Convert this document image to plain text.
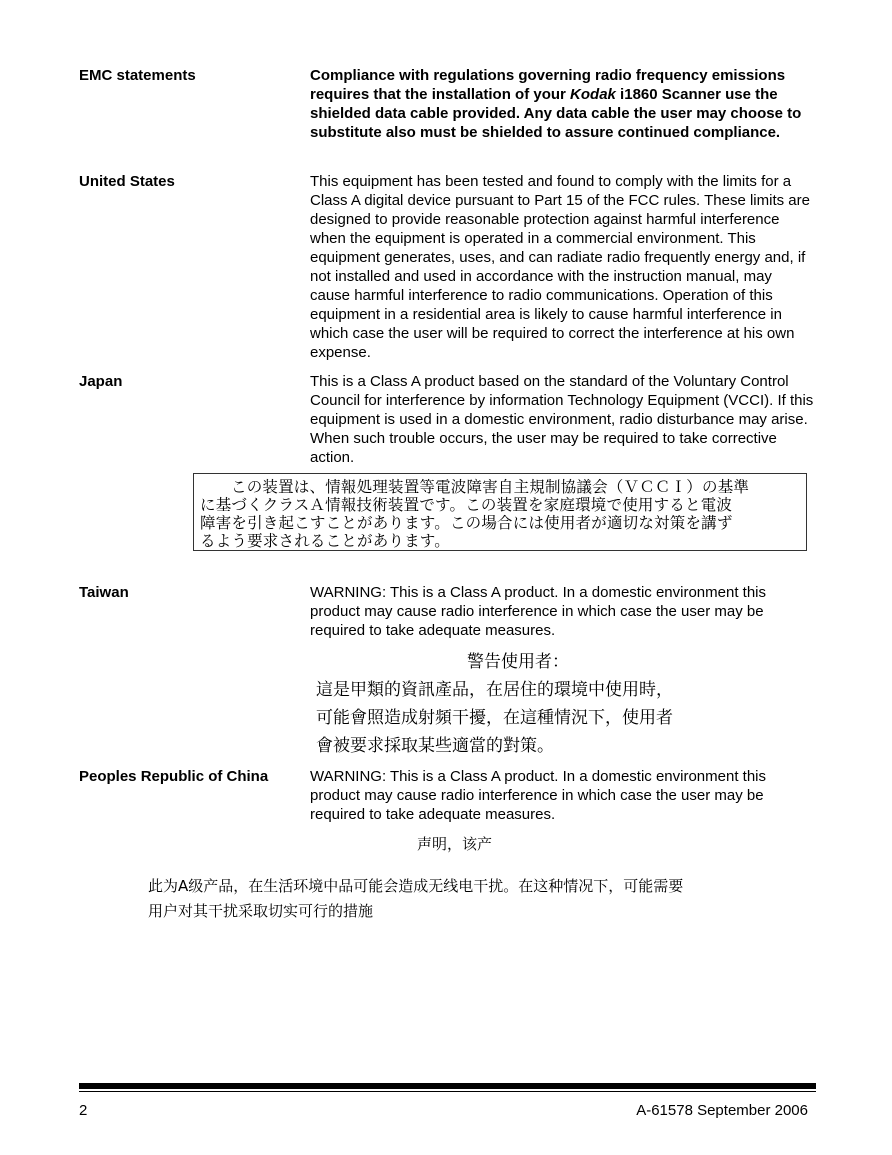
EMC statements	Compliance with regulations governing radio frequency emissions requires that the installation of your Kodak i1860 Scanner use the shielded data cable provided. Any data cable the user may choose to substitute also must be shielded to assure continued compliance.
United States	This equipment has been tested and found to comply with the limits for a Class A digital device pursuant to Part 15 of the FCC rules. These limits are designed to provide reasonable protection against harmful interference when the equipment is operated in a commercial environment. This equipment generates, uses, and can radiate radio frequently energy and, if not installed and used in accordance with the instruction manual, may cause harmful interference to radio communications. Operation of this equipment in a residential area is likely to cause harmful interference in which case the user will be required to correct the interference at his own expense.
Japan	This is a Class A product based on the standard of the Voluntary Control Council for interference by information Technology Equipment (VCCI). If this equipment is used in a domestic environment, radio disturbance may arise. When such trouble occurs, the user may be required to take corrective action.
この装置は、情報処理装置等電波障害自主規制協議会（ＶＣＣＩ）の基準
に基づくクラスＡ情報技術装置です。この装置を家庭環境で使用すると電波
障害を引き起こすことがあります。この場合には使用者が適切な対策を講ず
るよう要求されることがあります。
Taiwan	WARNING: This is a Class A product. In a domestic environment this product may cause radio interference in which case the user may be required to take adequate measures.
警告使用者：
這是甲類的資訊產品，在居住的環境中使用時，
可能會照造成射頻干擾，在這種情況下，使用者
會被要求採取某些適當的對策。
Peoples Republic of China	WARNING: This is a Class A product. In a domestic environment this product may cause radio interference in which case the user may be required to take adequate measures.
声明，该产
此为A级产品，在生活环境中品可能会造成无线电干扰。在这种情况下，可能需要
用户对其干扰采取切实可行的措施
2	A-61578 September 2006
